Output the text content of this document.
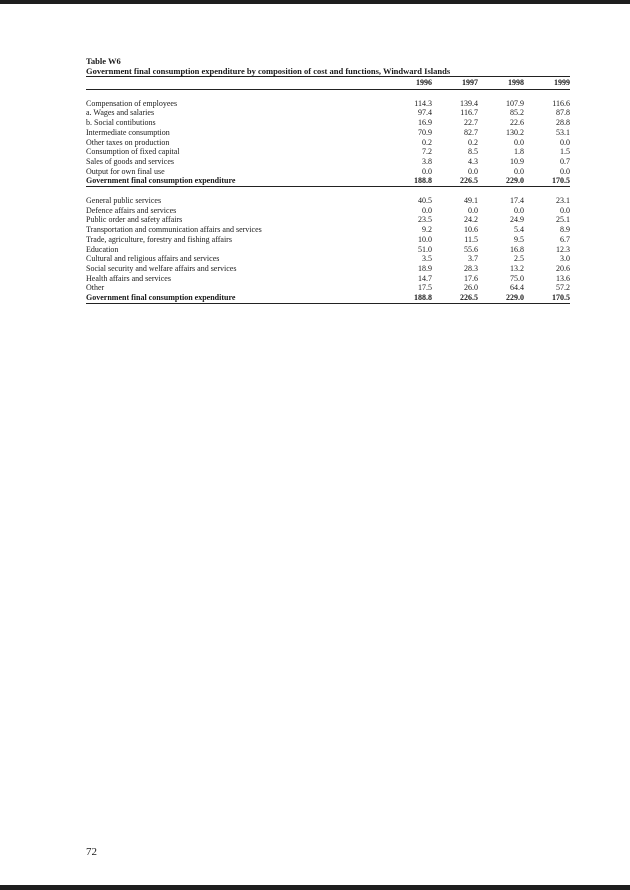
Table W6
Government final consumption expenditure by composition of cost and functions, Windward Islands
	1996	1997	1998	1999

Compensation of employees	114.3	139.4	107.9	116.6
a. Wages and salaries	97.4	116.7	85.2	87.8
b. Social contibutions	16.9	22.7	22.6	28.8
Intermediate consumption	70.9	82.7	130.2	53.1
Other taxes on production	0.2	0.2	0.0	0.0
Consumption of fixed capital	7.2	8.5	1.8	1.5
Sales of goods and services	3.8	4.3	10.9	0.7
Output for own final use	0.0	0.0	0.0	0.0
Government final consumption expenditure	188.8	226.5	229.0	170.5

General public services	40.5	49.1	17.4	23.1
Defence affairs and services	0.0	0.0	0.0	0.0
Public order and safety affairs	23.5	24.2	24.9	25.1
Transportation and communication affairs and services	9.2	10.6	5.4	8.9
Trade, agriculture, forestry and fishing affairs	10.0	11.5	9.5	6.7
Education	51.0	55.6	16.8	12.3
Cultural and religious affairs and services	3.5	3.7	2.5	3.0
Social security and welfare affairs and services	18.9	28.3	13.2	20.6
Health affairs and services	14.7	17.6	75.0	13.6
Other	17.5	26.0	64.4	57.2
Government final consumption expenditure	188.8	226.5	229.0	170.5
72
